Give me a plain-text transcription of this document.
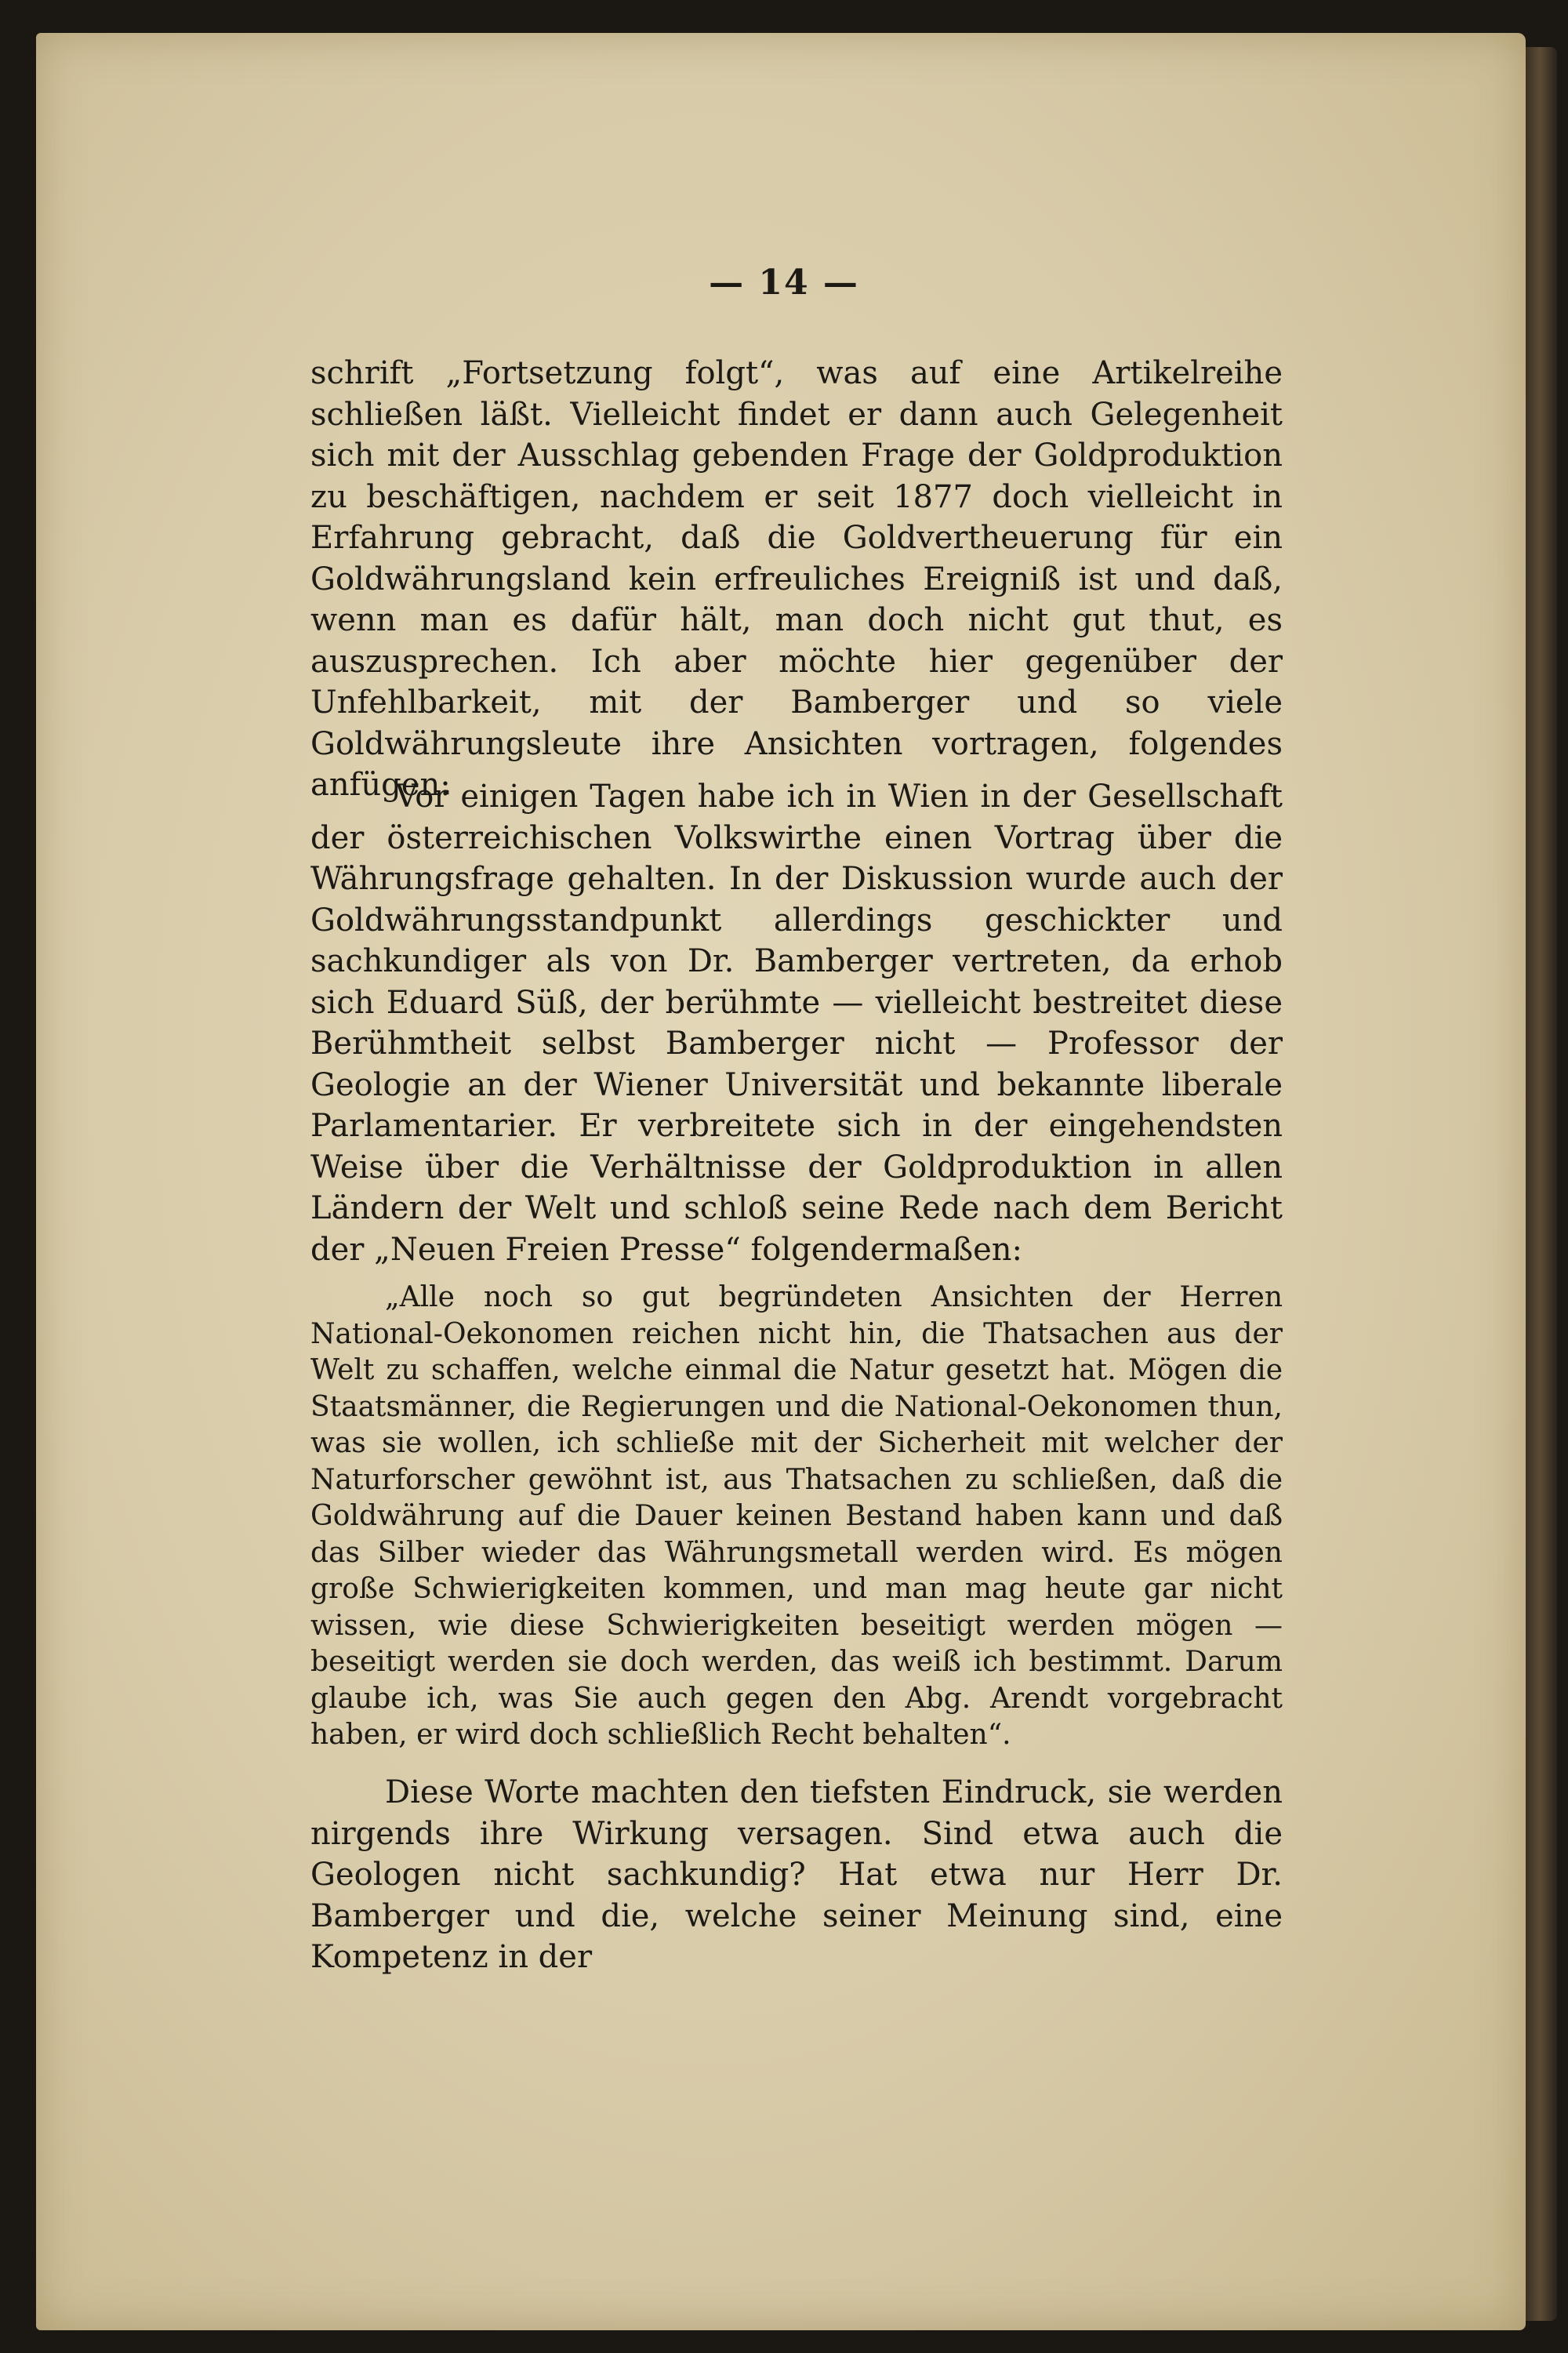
— 14 —

schrift „Fortsetzung folgt“, was auf eine Artikelreihe schließen läßt. Vielleicht findet er dann auch Gelegenheit sich mit der Ausschlag gebenden Frage der Goldproduktion zu beschäftigen, nachdem er seit 1877 doch vielleicht in Erfahrung gebracht, daß die Goldvertheuerung für ein Goldwährungsland kein erfreuliches Ereigniß ist und daß, wenn man es dafür hält, man doch nicht gut thut, es auszusprechen. Ich aber möchte hier gegenüber der Unfehlbarkeit, mit der Bamberger und so viele Goldwährungsleute ihre Ansichten vortragen, folgendes anfügen:

Vor einigen Tagen habe ich in Wien in der Gesellschaft der österreichischen Volkswirthe einen Vortrag über die Währungsfrage gehalten. In der Diskussion wurde auch der Goldwährungsstandpunkt allerdings geschickter und sachkundiger als von Dr. Bamberger vertreten, da erhob sich Eduard Süß, der berühmte — vielleicht bestreitet diese Berühmtheit selbst Bamberger nicht — Professor der Geologie an der Wiener Universität und bekannte liberale Parlamentarier. Er verbreitete sich in der eingehendsten Weise über die Verhältnisse der Goldproduktion in allen Ländern der Welt und schloß seine Rede nach dem Bericht der „Neuen Freien Presse“ folgendermaßen:

„Alle noch so gut begründeten Ansichten der Herren National-Oekonomen reichen nicht hin, die Thatsachen aus der Welt zu schaffen, welche einmal die Natur gesetzt hat. Mögen die Staatsmänner, die Regierungen und die National-Oekonomen thun, was sie wollen, ich schließe mit der Sicherheit mit welcher der Naturforscher gewöhnt ist, aus Thatsachen zu schließen, daß die Goldwährung auf die Dauer keinen Bestand haben kann und daß das Silber wieder das Währungsmetall werden wird. Es mögen große Schwierigkeiten kommen, und man mag heute gar nicht wissen, wie diese Schwierigkeiten beseitigt werden mögen — beseitigt werden sie doch werden, das weiß ich bestimmt. Darum glaube ich, was Sie auch gegen den Abg. Arendt vorgebracht haben, er wird doch schließlich Recht behalten“.

Diese Worte machten den tiefsten Eindruck, sie werden nirgends ihre Wirkung versagen. Sind etwa auch die Geologen nicht sachkundig? Hat etwa nur Herr Dr. Bamberger und die, welche seiner Meinung sind, eine Kompetenz in der
